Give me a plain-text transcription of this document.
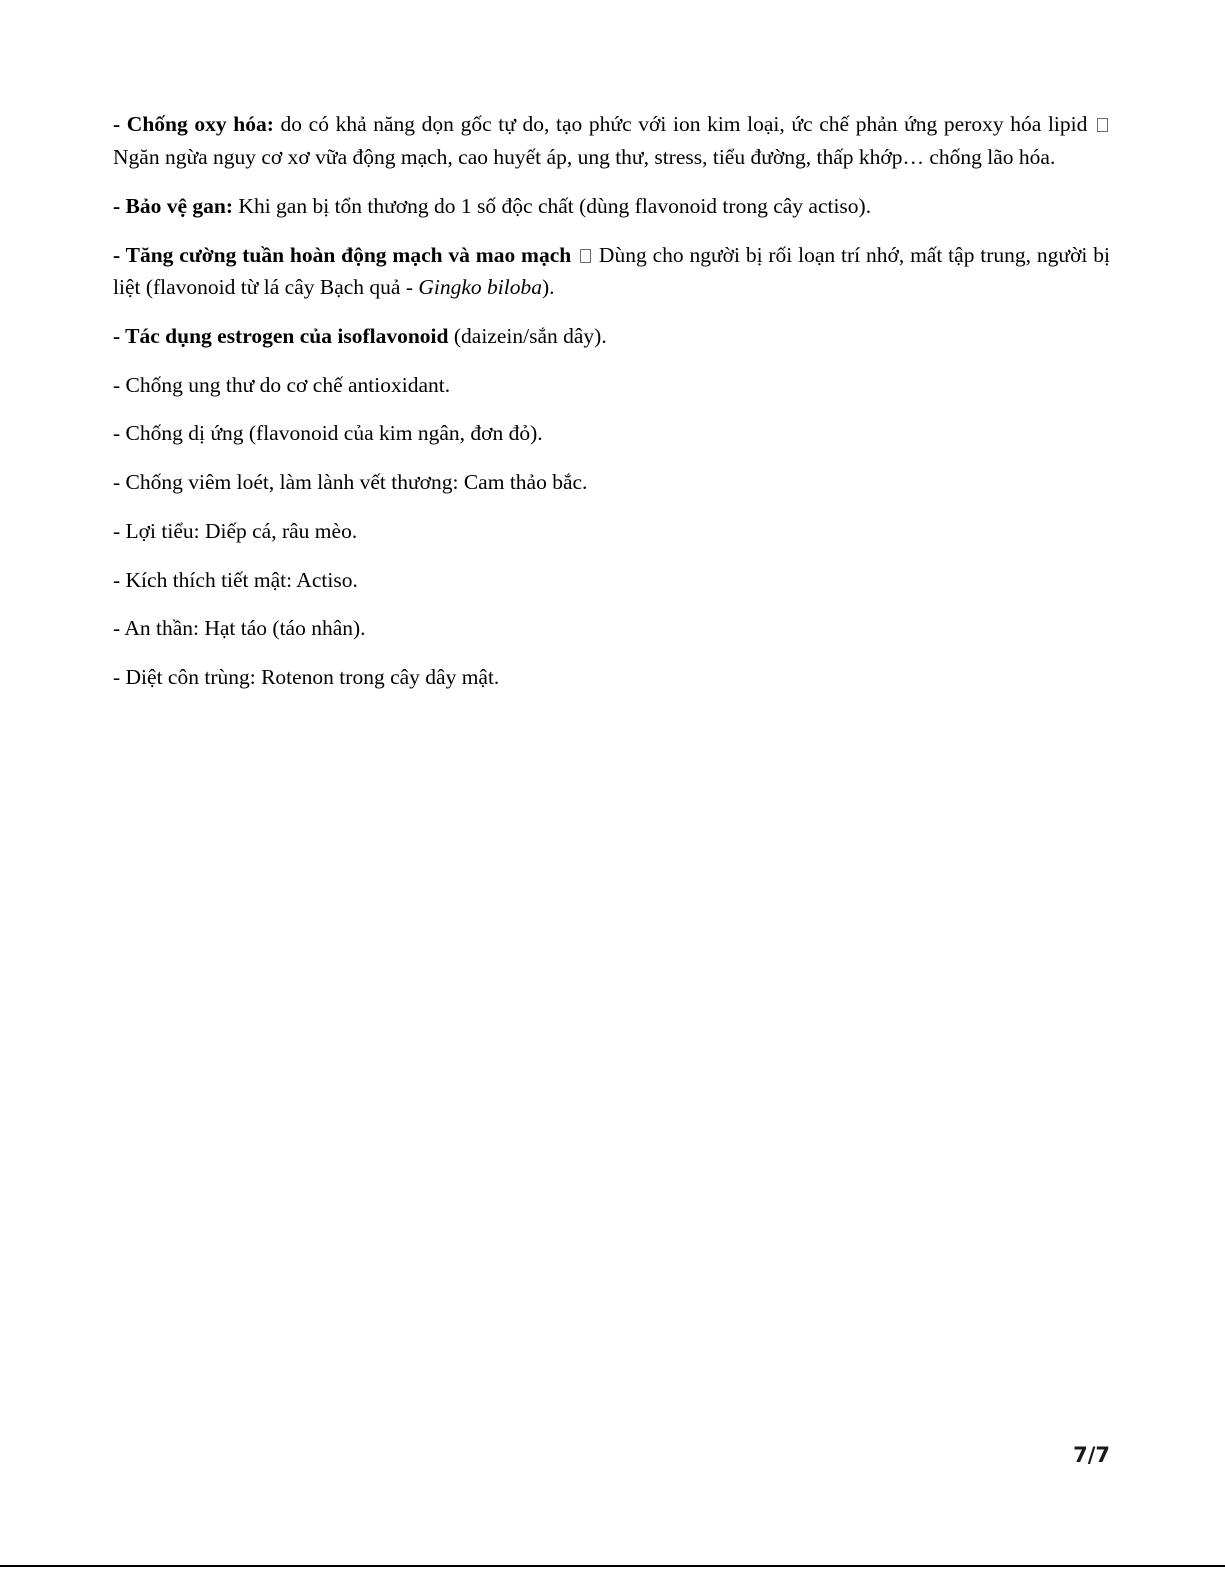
- Chống oxy hóa: do có khả năng dọn gốc tự do, tạo phức với ion kim loại, ức chế phản ứng peroxy hóa lipid  Ngăn ngừa nguy cơ xơ vữa động mạch, cao huyết áp, ung thư, stress, tiểu đường, thấp khớp… chống lão hóa.

- Bảo vệ gan: Khi gan bị tổn thương do 1 số độc chất (dùng flavonoid trong cây actiso).

- Tăng cường tuần hoàn động mạch và mao mạch  Dùng cho người bị rối loạn trí nhớ, mất tập trung, người bị liệt (flavonoid từ lá cây Bạch quả - Gingko biloba).

- Tác dụng estrogen của isoflavonoid (daizein/sắn dây).

- Chống ung thư do cơ chế antioxidant.

- Chống dị ứng (flavonoid của kim ngân, đơn đỏ).

- Chống viêm loét, làm lành vết thương: Cam thảo bắc.

- Lợi tiểu: Diếp cá, râu mèo.

- Kích thích tiết mật: Actiso.

- An thần: Hạt táo (táo nhân).

- Diệt côn trùng: Rotenon trong cây dây mật.

7/7
